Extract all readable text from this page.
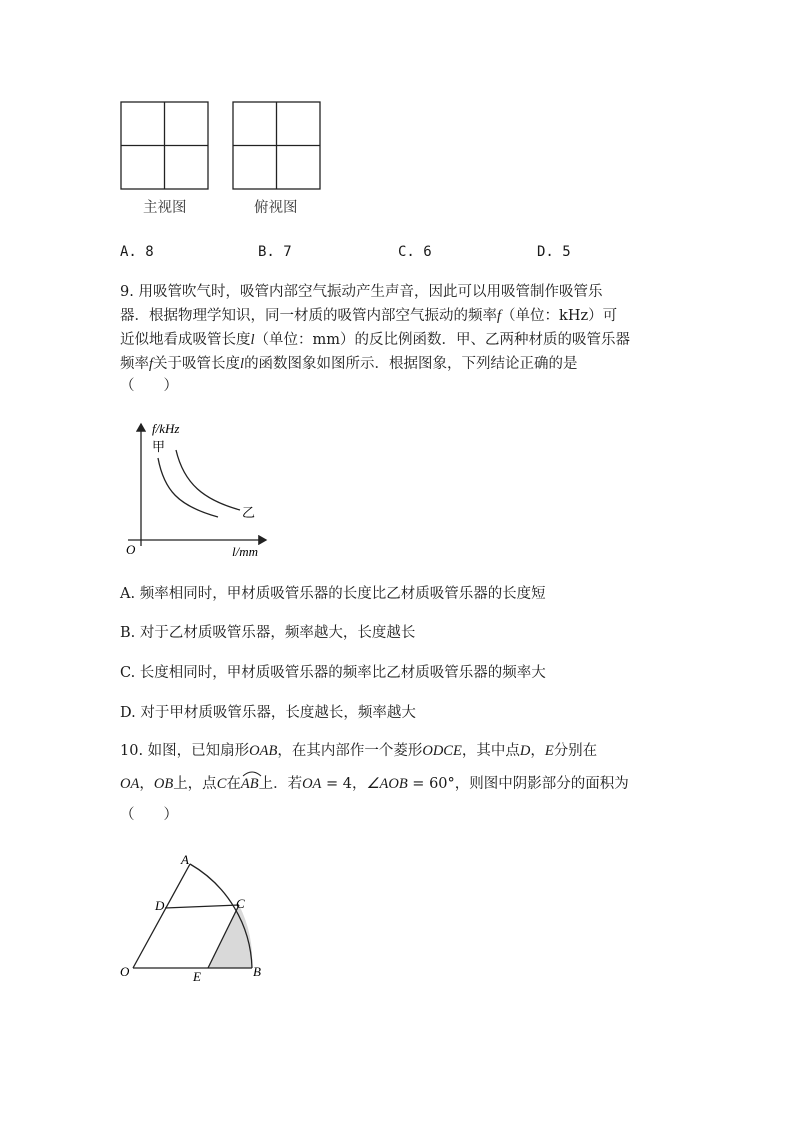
主视图	俯视图
A. 8	B. 7	C. 6	D. 5
9. 用吸管吹气时，吸管内部空气振动产生声音，因此可以用吸管制作吸管乐
器．根据物理学知识，同一材质的吸管内部空气振动的频率f（单位：kHz）可
近似地看成吸管长度l（单位：mm）的反比例函数．甲、乙两种材质的吸管乐器
频率f关于吸管长度l的函数图象如图所示．根据图象，下列结论正确的是
（　　）
f/kHz
甲
乙
O	l/mm
A. 频率相同时，甲材质吸管乐器的长度比乙材质吸管乐器的长度短
B. 对于乙材质吸管乐器，频率越大，长度越长
C. 长度相同时，甲材质吸管乐器的频率比乙材质吸管乐器的频率大
D. 对于甲材质吸管乐器，长度越长，频率越大
10. 如图，已知扇形OAB，在其内部作一个菱形ODCE，其中点D，E分别在
OA，OB上，点C在
AB上．若OA = 4，∠AOB = 60°，则图中阴影部分的面积为
（　　）
A
D	C
O	E	B
